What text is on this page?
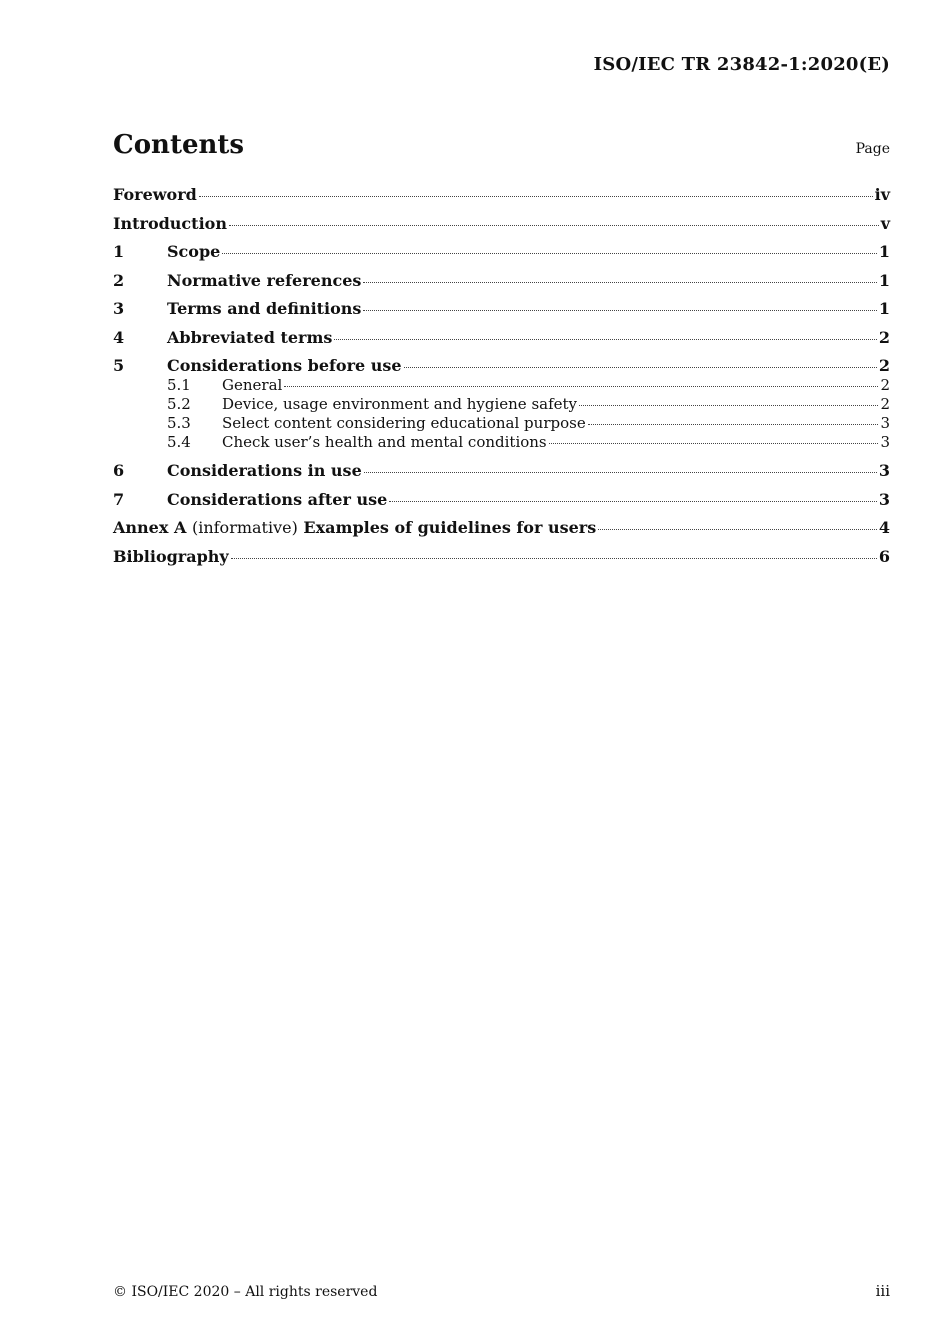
ISO/IEC TR 23842-1:2020(E)
Contents	Page
Foreword	iv
Introduction	v
1	Scope	1
2	Normative references	1
3	Terms and definitions	1
4	Abbreviated terms	2
5	Considerations before use	2
5.1	General	2
5.2	Device, usage environment and hygiene safety	2
5.3	Select content considering educational purpose	3
5.4	Check user’s health and mental conditions	3
6	Considerations in use	3
7	Considerations after use	3
Annex A (informative) Examples of guidelines for users	4
Bibliography	6
© ISO/IEC 2020 – All rights reserved	iii
